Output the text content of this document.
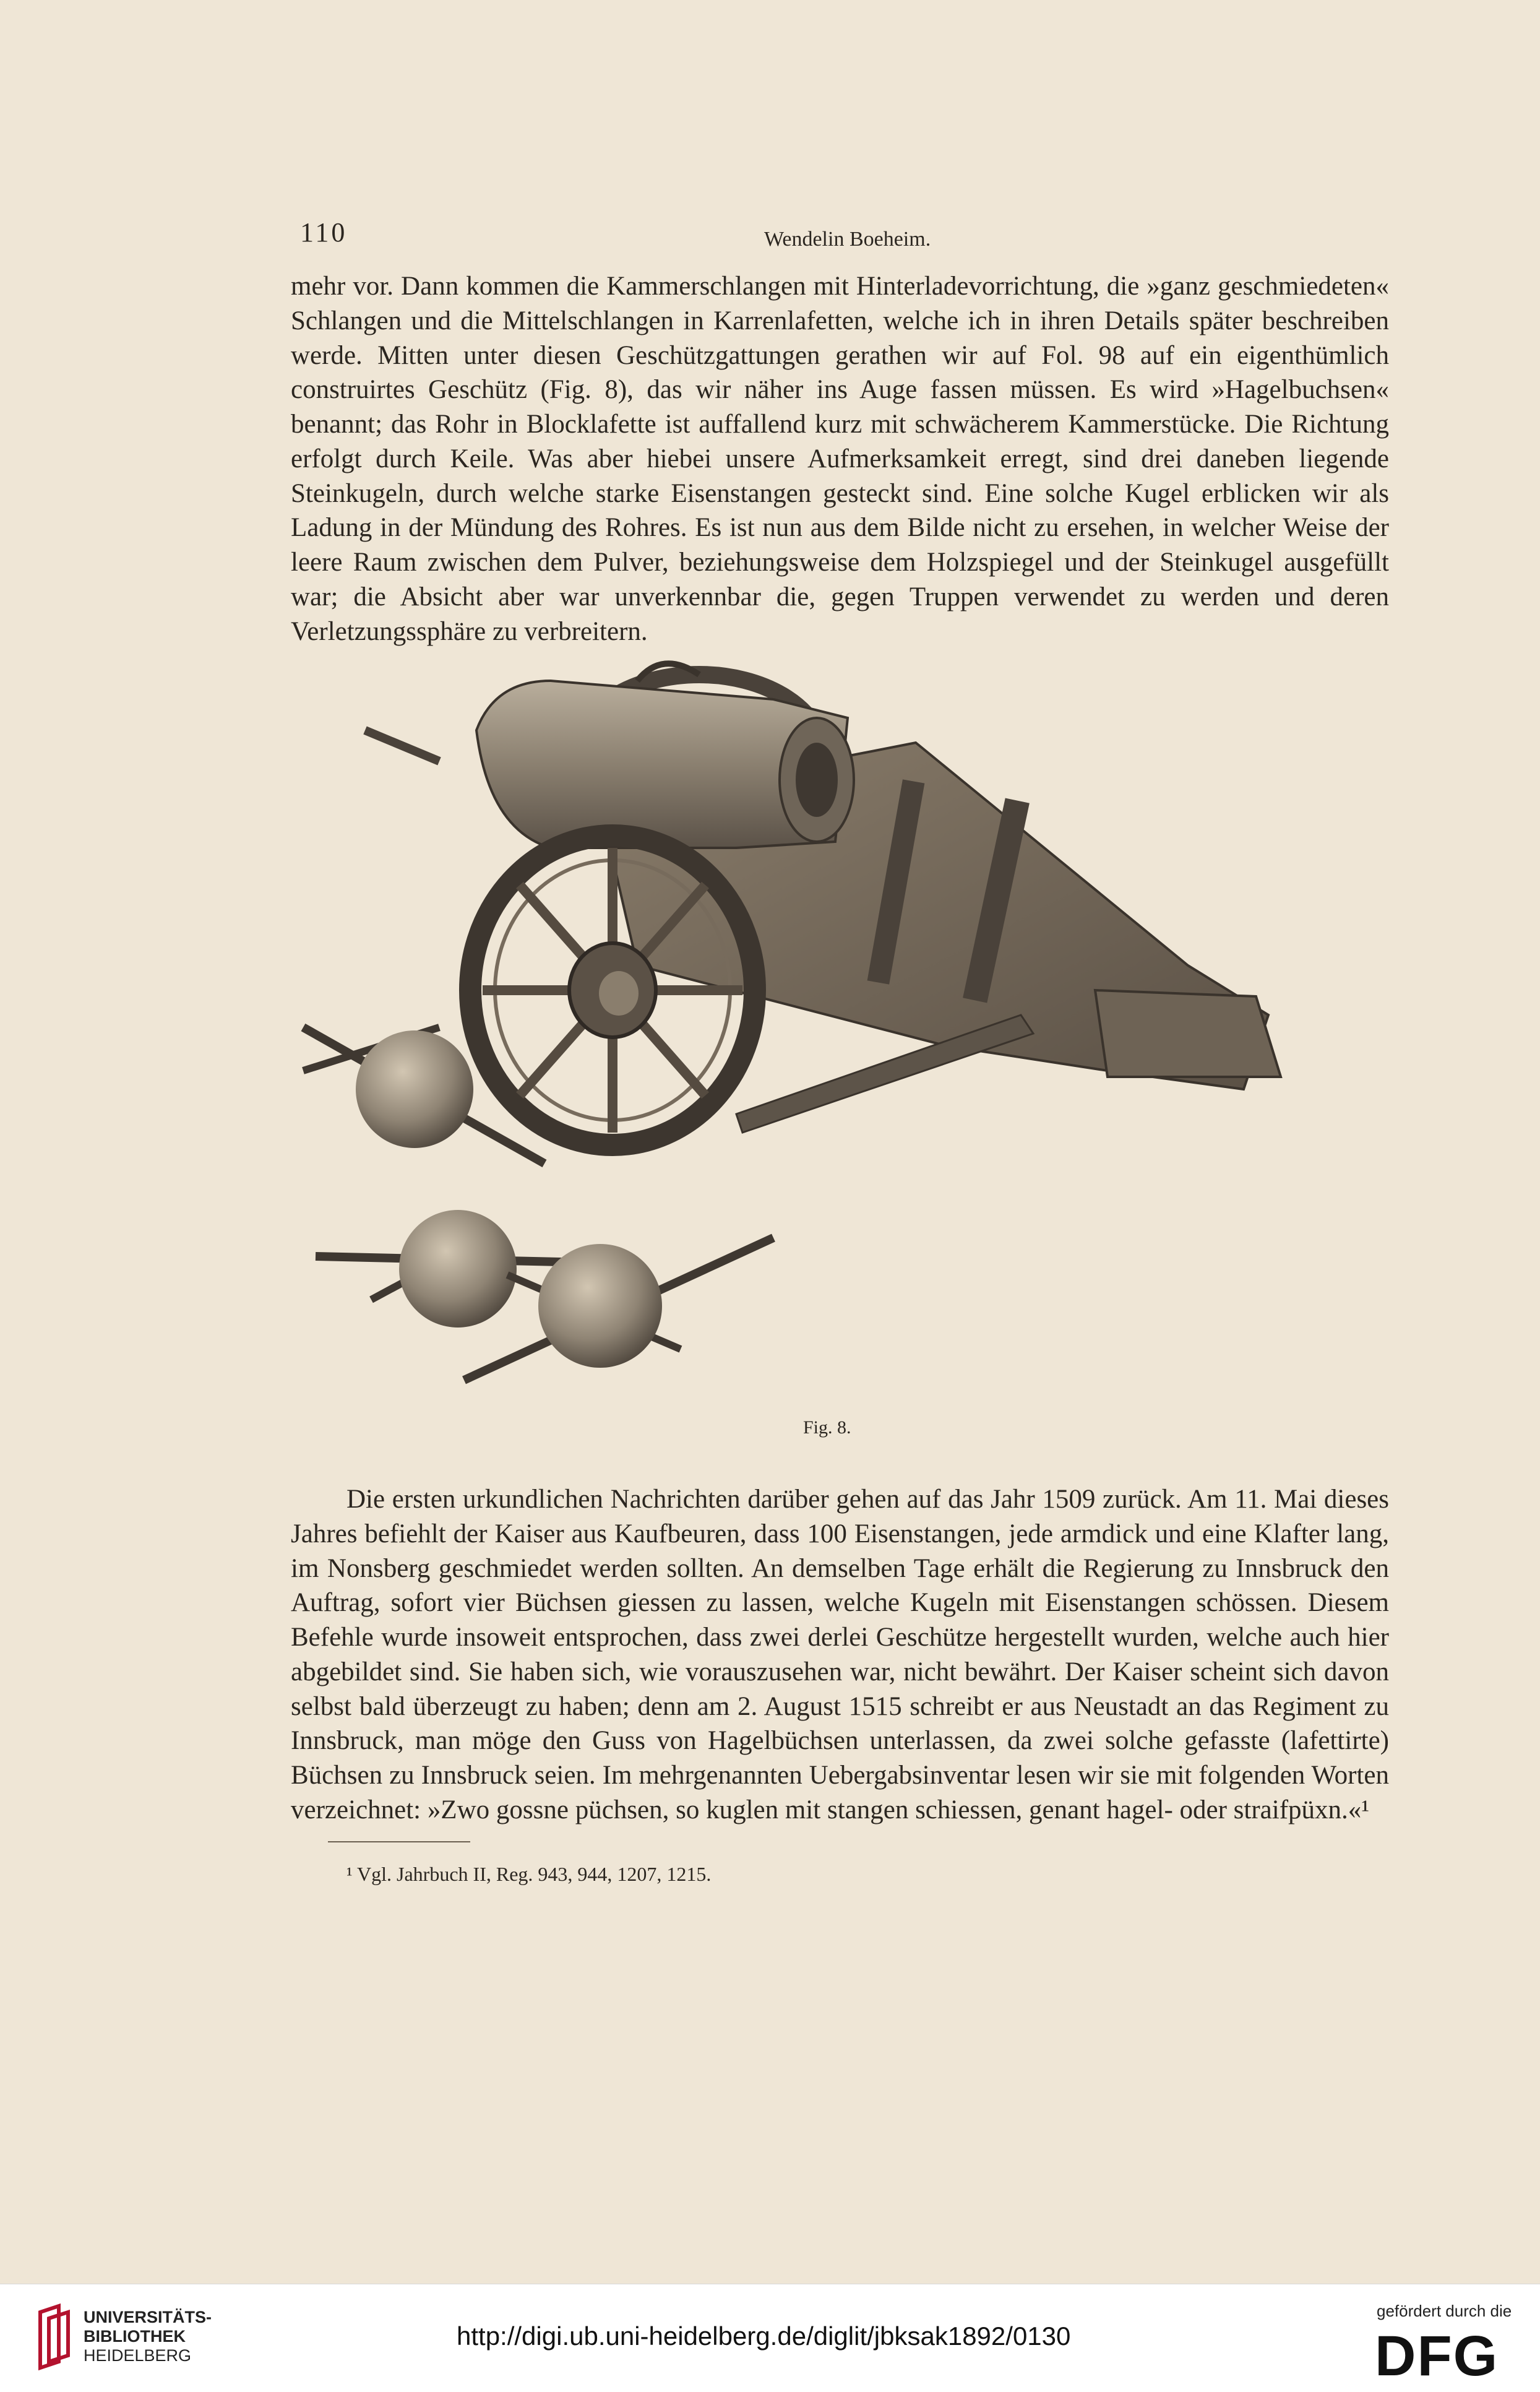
110	Wendelin Boeheim.
mehr vor. Dann kommen die Kammerschlangen mit Hinterladevorrichtung, die »ganz geschmiedeten« Schlangen und die Mittelschlangen in Karrenlafetten, welche ich in ihren Details später beschreiben werde. Mitten unter diesen Geschützgattungen gerathen wir auf Fol. 98 auf ein eigenthümlich construirtes Geschütz (Fig. 8), das wir näher ins Auge fassen müssen. Es wird »Hagelbuchsen« benannt; das Rohr in Blocklafette ist auffallend kurz mit schwächerem Kammerstücke. Die Richtung erfolgt durch Keile. Was aber hiebei unsere Aufmerksamkeit erregt, sind drei daneben liegende Steinkugeln, durch welche starke Eisenstangen gesteckt sind. Eine solche Kugel erblicken wir als Ladung in der Mündung des Rohres. Es ist nun aus dem Bilde nicht zu ersehen, in welcher Weise der leere Raum zwischen dem Pulver, beziehungsweise dem Holzspiegel und der Steinkugel ausgefüllt war; die Absicht aber war unverkennbar die, gegen Truppen verwendet zu werden und deren Verletzungssphäre zu verbreitern.
Fig. 8.
Die ersten urkundlichen Nachrichten darüber gehen auf das Jahr 1509 zurück. Am 11. Mai dieses Jahres befiehlt der Kaiser aus Kaufbeuren, dass 100 Eisenstangen, jede armdick und eine Klafter lang, im Nonsberg geschmiedet werden sollten. An demselben Tage erhält die Regierung zu Innsbruck den Auftrag, sofort vier Büchsen giessen zu lassen, welche Kugeln mit Eisenstangen schössen. Diesem Befehle wurde insoweit entsprochen, dass zwei derlei Geschütze hergestellt wurden, welche auch hier abgebildet sind. Sie haben sich, wie vorauszusehen war, nicht bewährt. Der Kaiser scheint sich davon selbst bald überzeugt zu haben; denn am 2. August 1515 schreibt er aus Neustadt an das Regiment zu Innsbruck, man möge den Guss von Hagelbüchsen unterlassen, da zwei solche gefasste (lafettirte) Büchsen zu Innsbruck seien. Im mehrgenannten Uebergabsinventar lesen wir sie mit folgenden Worten verzeichnet: »Zwo gossne püchsen, so kuglen mit stangen schiessen, genant hagel- oder straifpüxn.«¹
¹ Vgl. Jahrbuch II, Reg. 943, 944, 1207, 1215.
UNIVERSITÄTS-
BIBLIOTHEK
HEIDELBERG
http://digi.ub.uni-heidelberg.de/diglit/jbksak1892/0130
gefördert durch die
DFG
